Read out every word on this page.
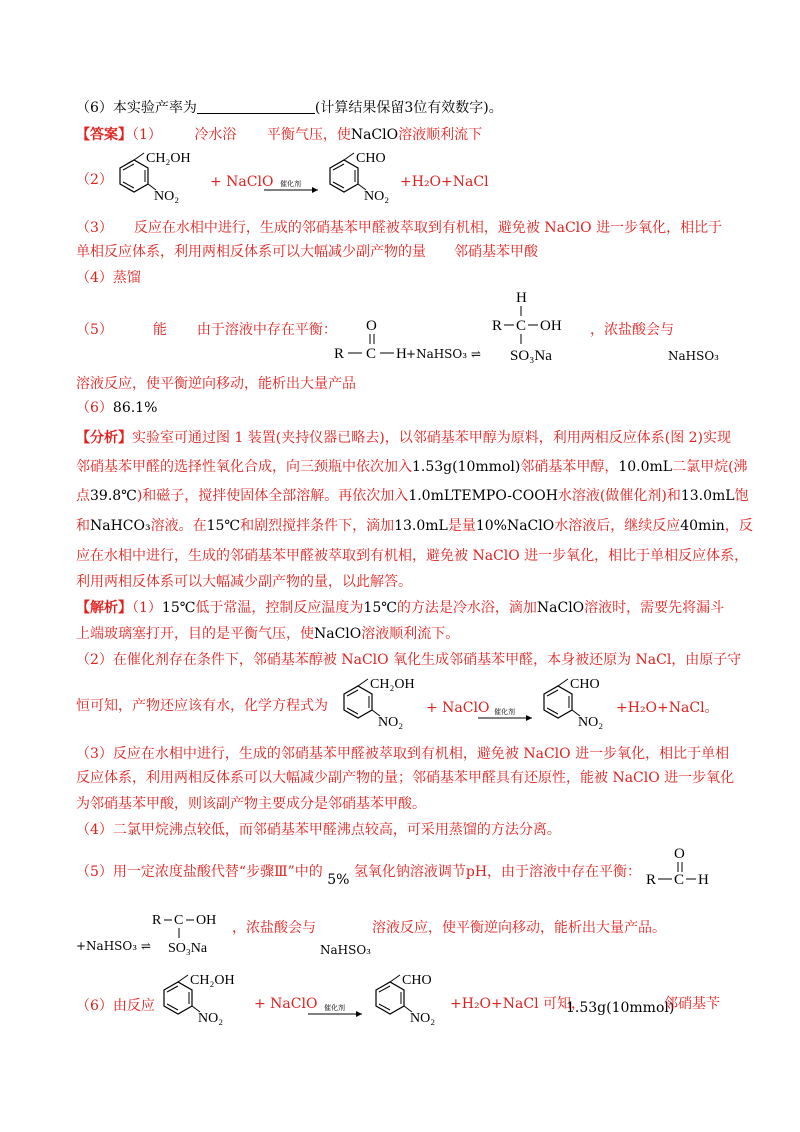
（6）本实验产率为	(计算结果保留3位有效数字)。
【答案】（1） 冷水浴 平衡气压，使NaClO溶液顺利流下
（2）
CH₂OH
NO₂
+ NaClO 催化剂
CHO
NO₂
+H₂O+NaCl
（3）　　反应在水相中进行，生成的邻硝基苯甲醛被萃取到有机相，避免被 NaClO 进一步氧化，相比于
单相反应体系，利用两相反体系可以大幅减少副产物的量　　邻硝基苯甲酸
（4）蒸馏
（5）	能 由于溶液中存在平衡： O
R C H +NaHSO₃ ⇌
H
R C OH
SO₃Na
，浓盐酸会与
NaHSO₃
溶液反应，使平衡逆向移动，能析出大量产品
（6）86.1%
【分析】实验室可通过图 1 装置(夹持仪器已略去)，以邻硝基苯甲醇为原料，利用两相反应体系(图 2)实现
邻硝基苯甲醛的选择性氧化合成，向三颈瓶中依次加入1.53g(10mmol)邻硝基苯甲醇，10.0mL二氯甲烷(沸
点39.8℃)和磁子，搅拌使固体全部溶解。再依次加入1.0mLTEMPO-COOH水溶液(做催化剂)和13.0mL饱
和NaHCO₃溶液。在15℃和剧烈搅拌条件下，滴加13.0mL是量10%NaClO水溶液后，继续反应40min，反
应在水相中进行，生成的邻硝基苯甲醛被萃取到有机相，避免被 NaClO 进一步氧化，相比于单相反应体系，
利用两相反体系可以大幅减少副产物的量，以此解答。
【解析】（1）15℃低于常温，控制反应温度为15℃的方法是冷水浴，滴加NaClO溶液时，需要先将漏斗
上端玻璃塞打开，目的是平衡气压，使NaClO溶液顺利流下。
（2）在催化剂存在条件下，邻硝基苯醇被 NaClO 氧化生成邻硝基苯甲醛，本身被还原为 NaCl，由原子守
恒可知，产物还应该有水，化学方程式为
CH₂OH
NO₂
+ NaClO 催化剂
CHO
NO₂
+H₂O+NaCl。
（3）反应在水相中进行，生成的邻硝基苯甲醛被萃取到有机相，避免被 NaClO 进一步氧化，相比于单相
反应体系，利用两相反体系可以大幅减少副产物的量；邻硝基苯甲醛具有还原性，能被 NaClO 进一步氧化
为邻硝基苯甲酸，则该副产物主要成分是邻硝基苯甲酸。
（4）二氯甲烷沸点较低，而邻硝基苯甲醛沸点较高，可采用蒸馏的方法分离。
（5）用一定浓度盐酸代替“步骤Ⅲ”中的 5% 氢氧化钠溶液调节pH，由于溶液中存在平衡：
O
R C H
R C OH
SO₃Na
+NaHSO₃ ⇌
，浓盐酸会与
NaHSO₃
溶液反应，使平衡逆向移动，能析出大量产品。
（6）由反应
CH₂OH
NO₂
+ NaClO 催化剂
CHO
NO₂
+H₂O+NaCl 可知，
1.53g(10mmol)
邻硝基苄
